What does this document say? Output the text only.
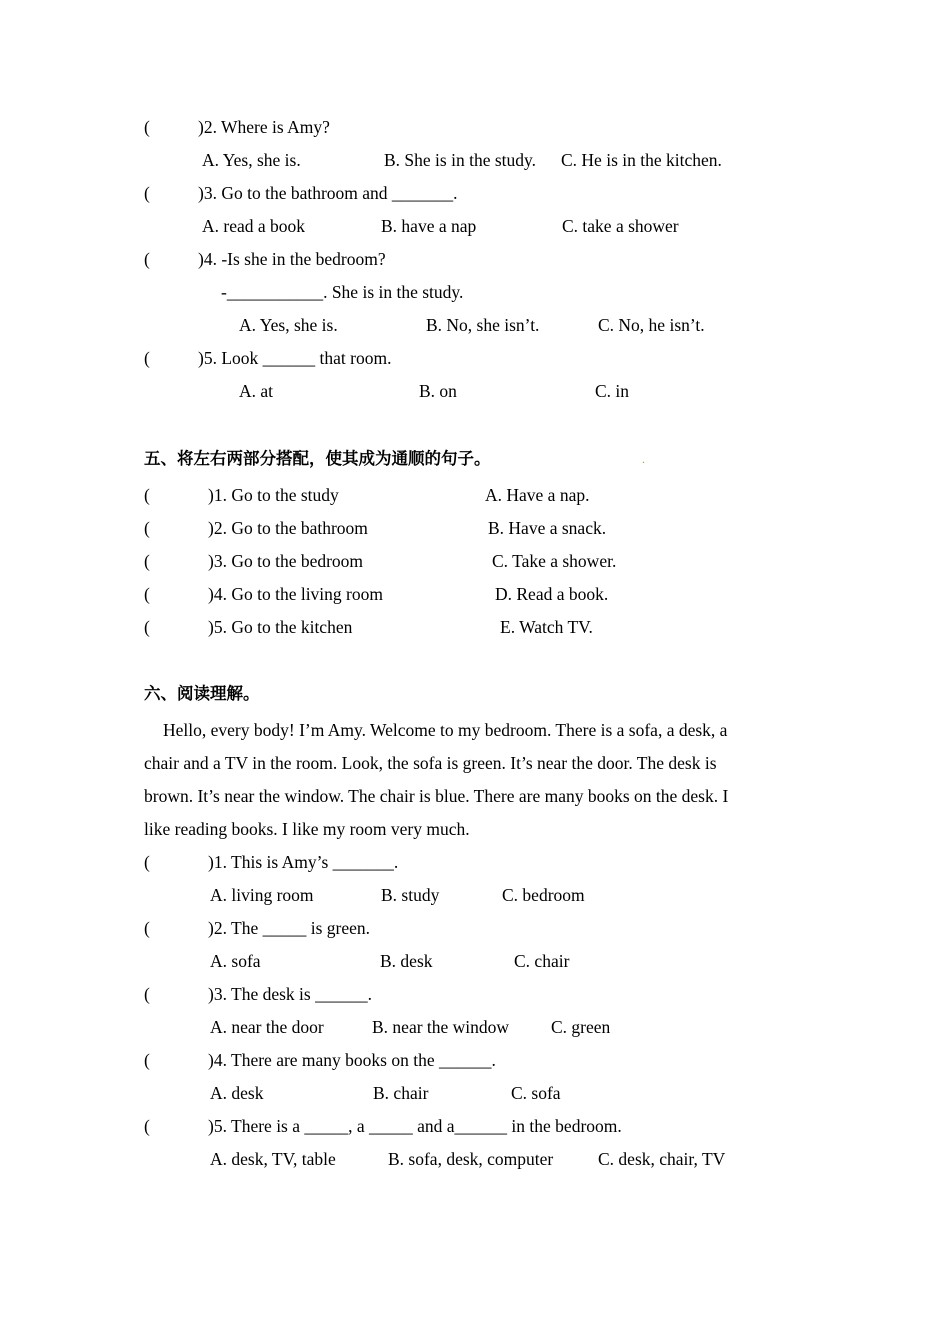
(	)2. Where is Amy?
A. Yes, she is.	B. She is in the study. C. He is in the kitchen.
(	)3. Go to the bathroom and _______.
A. read a book	B. have a nap	C. take a shower
(	)4. -Is she in the bedroom?
-___________. She is in the study.
A. Yes, she is.	B. No, she isn’t.	C. No, he isn’t.
(	)5. Look ______ that room.
A. at	B. on	C. in
五、将左右两部分搭配，使其成为通顺的句子。	.
(	)1. Go to the study	A. Have a nap.
(	)2. Go to the bathroom	B. Have a snack.
(	)3. Go to the bedroom	C. Take a shower.
(	)4. Go to the living room	D. Read a book.
(	)5. Go to the kitchen	E. Watch TV.
六、阅读理解。
Hello, every body! I’m Amy. Welcome to my bedroom. There is a sofa, a desk, a
chair and a TV in the room. Look, the sofa is green. It’s near the door. The desk is
brown. It’s near the window. The chair is blue. There are many books on the desk. I
like reading books. I like my room very much.
(	)1. This is Amy’s _______.
A. living room	B. study	C. bedroom
(	)2. The _____ is green.
A. sofa	B. desk	C. chair
(	)3. The desk is ______.
A. near the door	B. near the window C. green
(	)4. There are many books on the ______.
A. desk	B. chair	C. sofa
(	)5. There is a _____, a _____ and a______ in the bedroom.
A. desk, TV, table	B. sofa, desk, computer	C. desk, chair, TV
